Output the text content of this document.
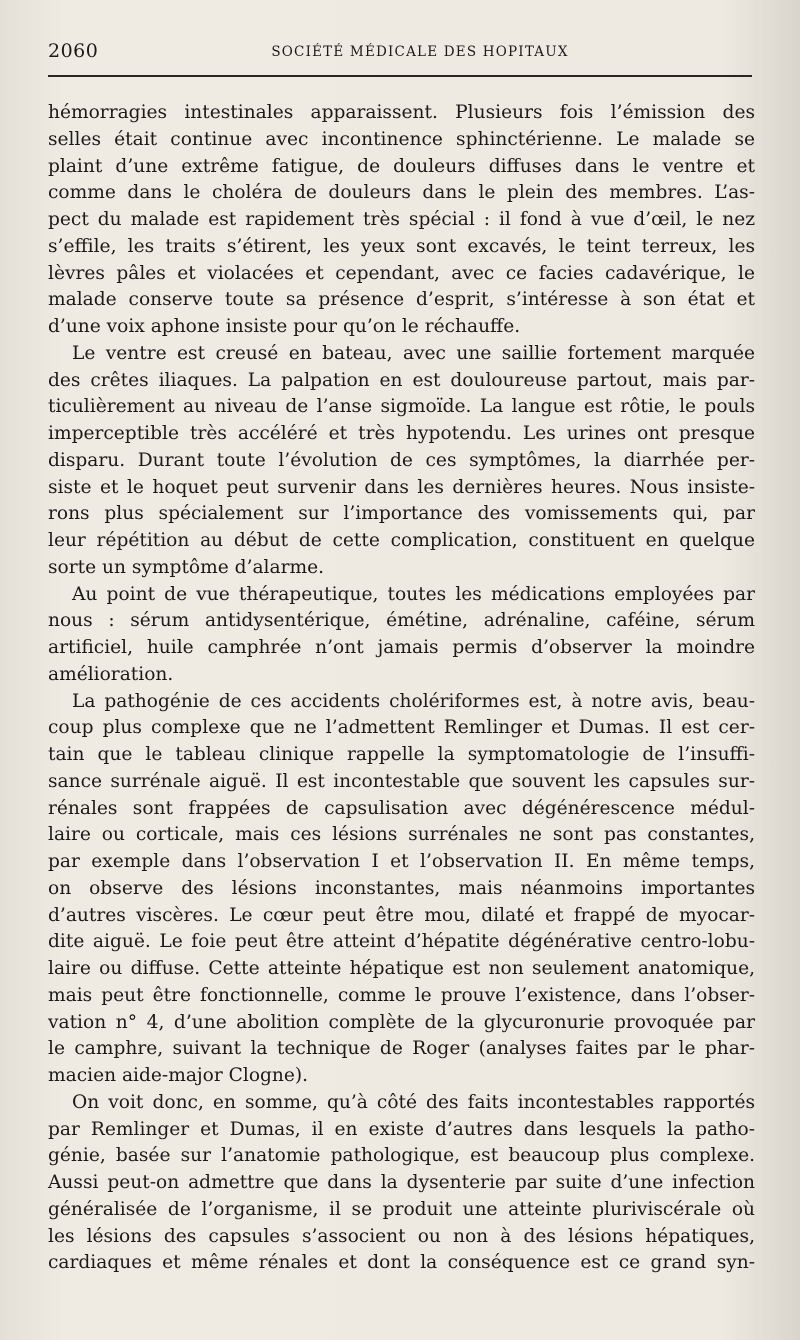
2060	SOCIÉTÉ MÉDICALE DES HOPITAUX

hémorragies intestinales apparaissent. Plusieurs fois l’émission des
selles était continue avec incontinence sphinctérienne. Le malade se
plaint d’une extrême fatigue, de douleurs diffuses dans le ventre et
comme dans le choléra de douleurs dans le plein des membres. L’as-
pect du malade est rapidement très spécial : il fond à vue d’œil, le nez
s’effile, les traits s’étirent, les yeux sont excavés, le teint terreux, les
lèvres pâles et violacées et cependant, avec ce facies cadavérique, le
malade conserve toute sa présence d’esprit, s’intéresse à son état et
d’une voix aphone insiste pour qu’on le réchauffe.

Le ventre est creusé en bateau, avec une saillie fortement marquée
des crêtes iliaques. La palpation en est douloureuse partout, mais par-
ticulièrement au niveau de l’anse sigmoïde. La langue est rôtie, le pouls
imperceptible très accéléré et très hypotendu. Les urines ont presque
disparu. Durant toute l’évolution de ces symptômes, la diarrhée per-
siste et le hoquet peut survenir dans les dernières heures. Nous insiste-
rons plus spécialement sur l’importance des vomissements qui, par
leur répétition au début de cette complication, constituent en quelque
sorte un symptôme d’alarme.

Au point de vue thérapeutique, toutes les médications employées par
nous : sérum antidysentérique, émétine, adrénaline, caféine, sérum
artificiel, huile camphrée n’ont jamais permis d’observer la moindre
amélioration.

La pathogénie de ces accidents cholériformes est, à notre avis, beau-
coup plus complexe que ne l’admettent Remlinger et Dumas. Il est cer-
tain que le tableau clinique rappelle la symptomatologie de l’insuffi-
sance surrénale aiguë. Il est incontestable que souvent les capsules sur-
rénales sont frappées de capsulisation avec dégénérescence médul-
laire ou corticale, mais ces lésions surrénales ne sont pas constantes,
par exemple dans l’observation I et l’observation II. En même temps,
on observe des lésions inconstantes, mais néanmoins importantes
d’autres viscères. Le cœur peut être mou, dilaté et frappé de myocar-
dite aiguë. Le foie peut être atteint d’hépatite dégénérative centro-lobu-
laire ou diffuse. Cette atteinte hépatique est non seulement anatomique,
mais peut être fonctionnelle, comme le prouve l’existence, dans l’obser-
vation n° 4, d’une abolition complète de la glycuronurie provoquée par
le camphre, suivant la technique de Roger (analyses faites par le phar-
macien aide-major Clogne).

On voit donc, en somme, qu’à côté des faits incontestables rapportés
par Remlinger et Dumas, il en existe d’autres dans lesquels la patho-
génie, basée sur l’anatomie pathologique, est beaucoup plus complexe.
Aussi peut-on admettre que dans la dysenterie par suite d’une infection
généralisée de l’organisme, il se produit une atteinte pluriviscérale où
les lésions des capsules s’associent ou non à des lésions hépatiques,
cardiaques et même rénales et dont la conséquence est ce grand syn-
